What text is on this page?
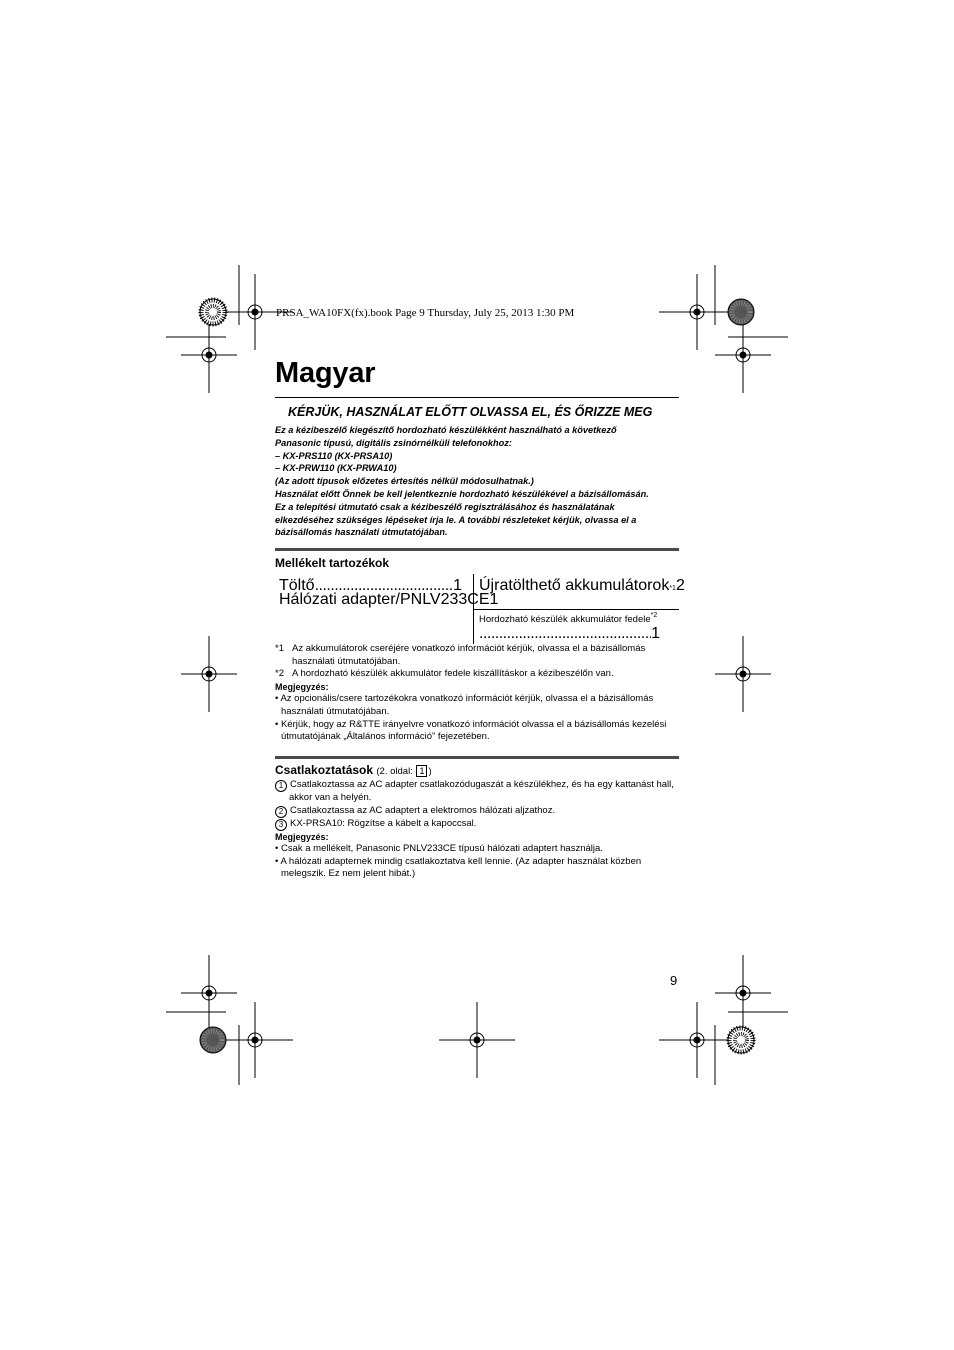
PRSA_WA10FX(fx).book Page 9 Thursday, July 25, 2013 1:30 PM
Magyar
KÉRJÜK, HASZNÁLAT ELŐTT OLVASSA EL, ÉS ŐRIZZE MEG
Ez a kézibeszélő kiegészítő hordozható készülékként használható a következő
Panasonic típusú, digitális zsinórnélküli telefonokhoz:
– KX-PRS110 (KX-PRSA10)
– KX-PRW110 (KX-PRWA10)
(Az adott típusok előzetes értesítés nélkül módosulhatnak.)
Használat előtt Önnek be kell jelentkeznie hordozható készülékével a bázisállomásán.
Ez a telepítési útmutató csak a kézibeszélő regisztrálásához és használatának
elkezdéséhez szükséges lépéseket írja le. A további részleteket kérjük, olvassa el a
bázisállomás használati útmutatójában.
Mellékelt tartozékok
Töltő
.....	1
Hálózati adapter/PNLV233CE 1
Újratölthető akkumulátorok *1 2
Hordozható készülék akkumulátor fedele$^{*2}$
.....
1
*1 Az akkumulátorok cseréjére vonatkozó információt kérjük, olvassa el a bázisállomás használati útmutatójában.
*2 A hordozható készülék akkumulátor fedele kiszállításkor a kézibeszélőn van.
Megjegyzés:
• Az opcionális/csere tartozékokra vonatkozó információt kérjük, olvassa el a bázisállomás használati útmutatójában.
• Kérjük, hogy az R&TTE irányelvre vonatkozó információt olvassa el a bázisállomás kezelési útmutatójának „Általános információ” fejezetében.
Csatlakoztatások (2. oldal: 1 )
1 Csatlakoztassa az AC adapter csatlakozódugaszát a készülékhez, és ha egy kattanást hall, akkor van a helyén.
2 Csatlakoztassa az AC adaptert a elektromos hálózati aljzathoz.
3 KX-PRSA10: Rögzítse a kábelt a kapoccsal.
Megjegyzés:
• Csak a mellékelt, Panasonic PNLV233CE típusú hálózati adaptert használja.
• A hálózati adapternek mindig csatlakoztatva kell lennie. (Az adapter használat közben melegszik. Ez nem jelent hibát.)
9
